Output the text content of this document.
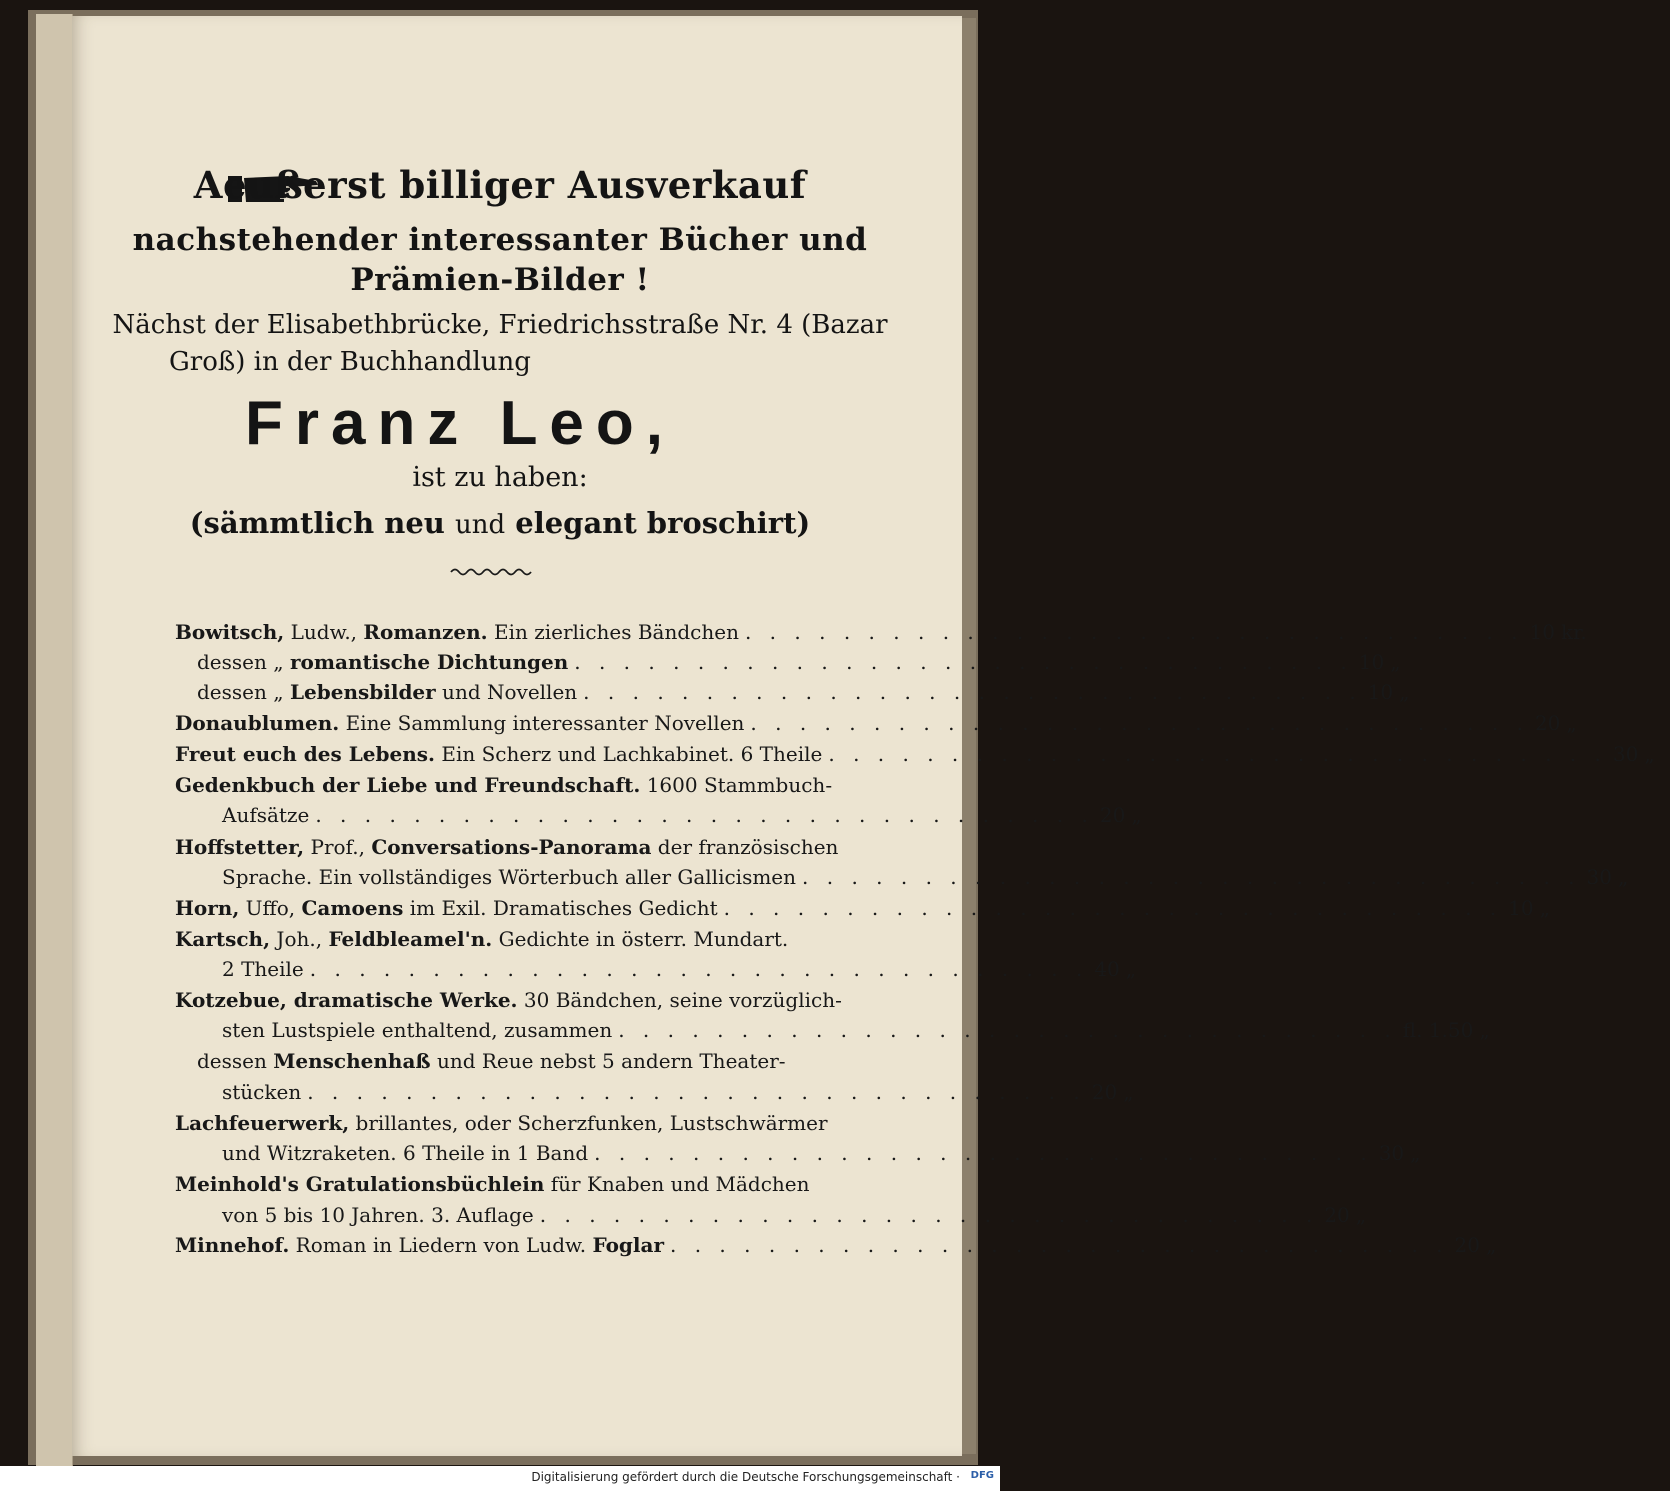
Aeußerst billiger Ausverkauf
nachstehender interessanter Bücher und
Prämien-Bilder !
Nächst der Elisabethbrücke, Friedrichsstraße Nr. 4 (Bazar
Groß) in der Buchhandlung
Franz Leo,
ist zu haben:
(sämmtlich neu und elegant broschirt)
Bowitsch, Ludw., Romanzen. Ein zierliches Bändchen . . . . . . . . . . . . . . . . . . . . . . . . . . . . . . . . 10 kr.
dessen „ romantische Dichtungen . . . . . . . . . . . . . . . . . . . . . . . . . . . . . . . . 10 „
dessen „ Lebensbilder und Novellen . . . . . . . . . . . . . . . . . . . . . . . . . . . . . . . . 10 „
Donaublumen. Eine Sammlung interessanter Novellen . . . . . . . . . . . . . . . . . . . . . . . . . . . . . . . . 20 „
Freut euch des Lebens. Ein Scherz und Lachkabinet. 6 Theile . . . . . . . . . . . . . . . . . . . . . . . . . . . . . . . . 30 „
Gedenkbuch der Liebe und Freundschaft. 1600 Stammbuch-
Aufsätze . . . . . . . . . . . . . . . . . . . . . . . . . . . . . . . . 20 „
Hoffstetter, Prof., Conversations-Panorama der französischen
Sprache. Ein vollständiges Wörterbuch aller Gallicismen . . . . . . . . . . . . . . . . . . . . . . . . . . . . . . . . 30 „
Horn, Uffo, Camoens im Exil. Dramatisches Gedicht . . . . . . . . . . . . . . . . . . . . . . . . . . . . . . . . 10 „
Kartsch, Joh., Feldbleamel'n. Gedichte in österr. Mundart.
2 Theile . . . . . . . . . . . . . . . . . . . . . . . . . . . . . . . . 40 „
Kotzebue, dramatische Werke. 30 Bändchen, seine vorzüglich-
sten Lustspiele enthaltend, zusammen . . . . . . . . . . . . . . . . . . . . . . . . . . . . . . . . fl. 1.50 „
dessen Menschenhaß und Reue nebst 5 andern Theater-
stücken . . . . . . . . . . . . . . . . . . . . . . . . . . . . . . . . 20 „
Lachfeuerwerk, brillantes, oder Scherzfunken, Lustschwärmer
und Witzraketen. 6 Theile in 1 Band . . . . . . . . . . . . . . . . . . . . . . . . . . . . . . . . 30 „
Meinhold's Gratulationsbüchlein für Knaben und Mädchen
von 5 bis 10 Jahren. 3. Auflage . . . . . . . . . . . . . . . . . . . . . . . . . . . . . . . . 20 „
Minnehof. Roman in Liedern von Ludw. Foglar . . . . . . . . . . . . . . . . . . . . . . . . . . . . . . . . 20 „
Digitalisierung gefördert durch die Deutsche Forschungsgemeinschaft · DFG
